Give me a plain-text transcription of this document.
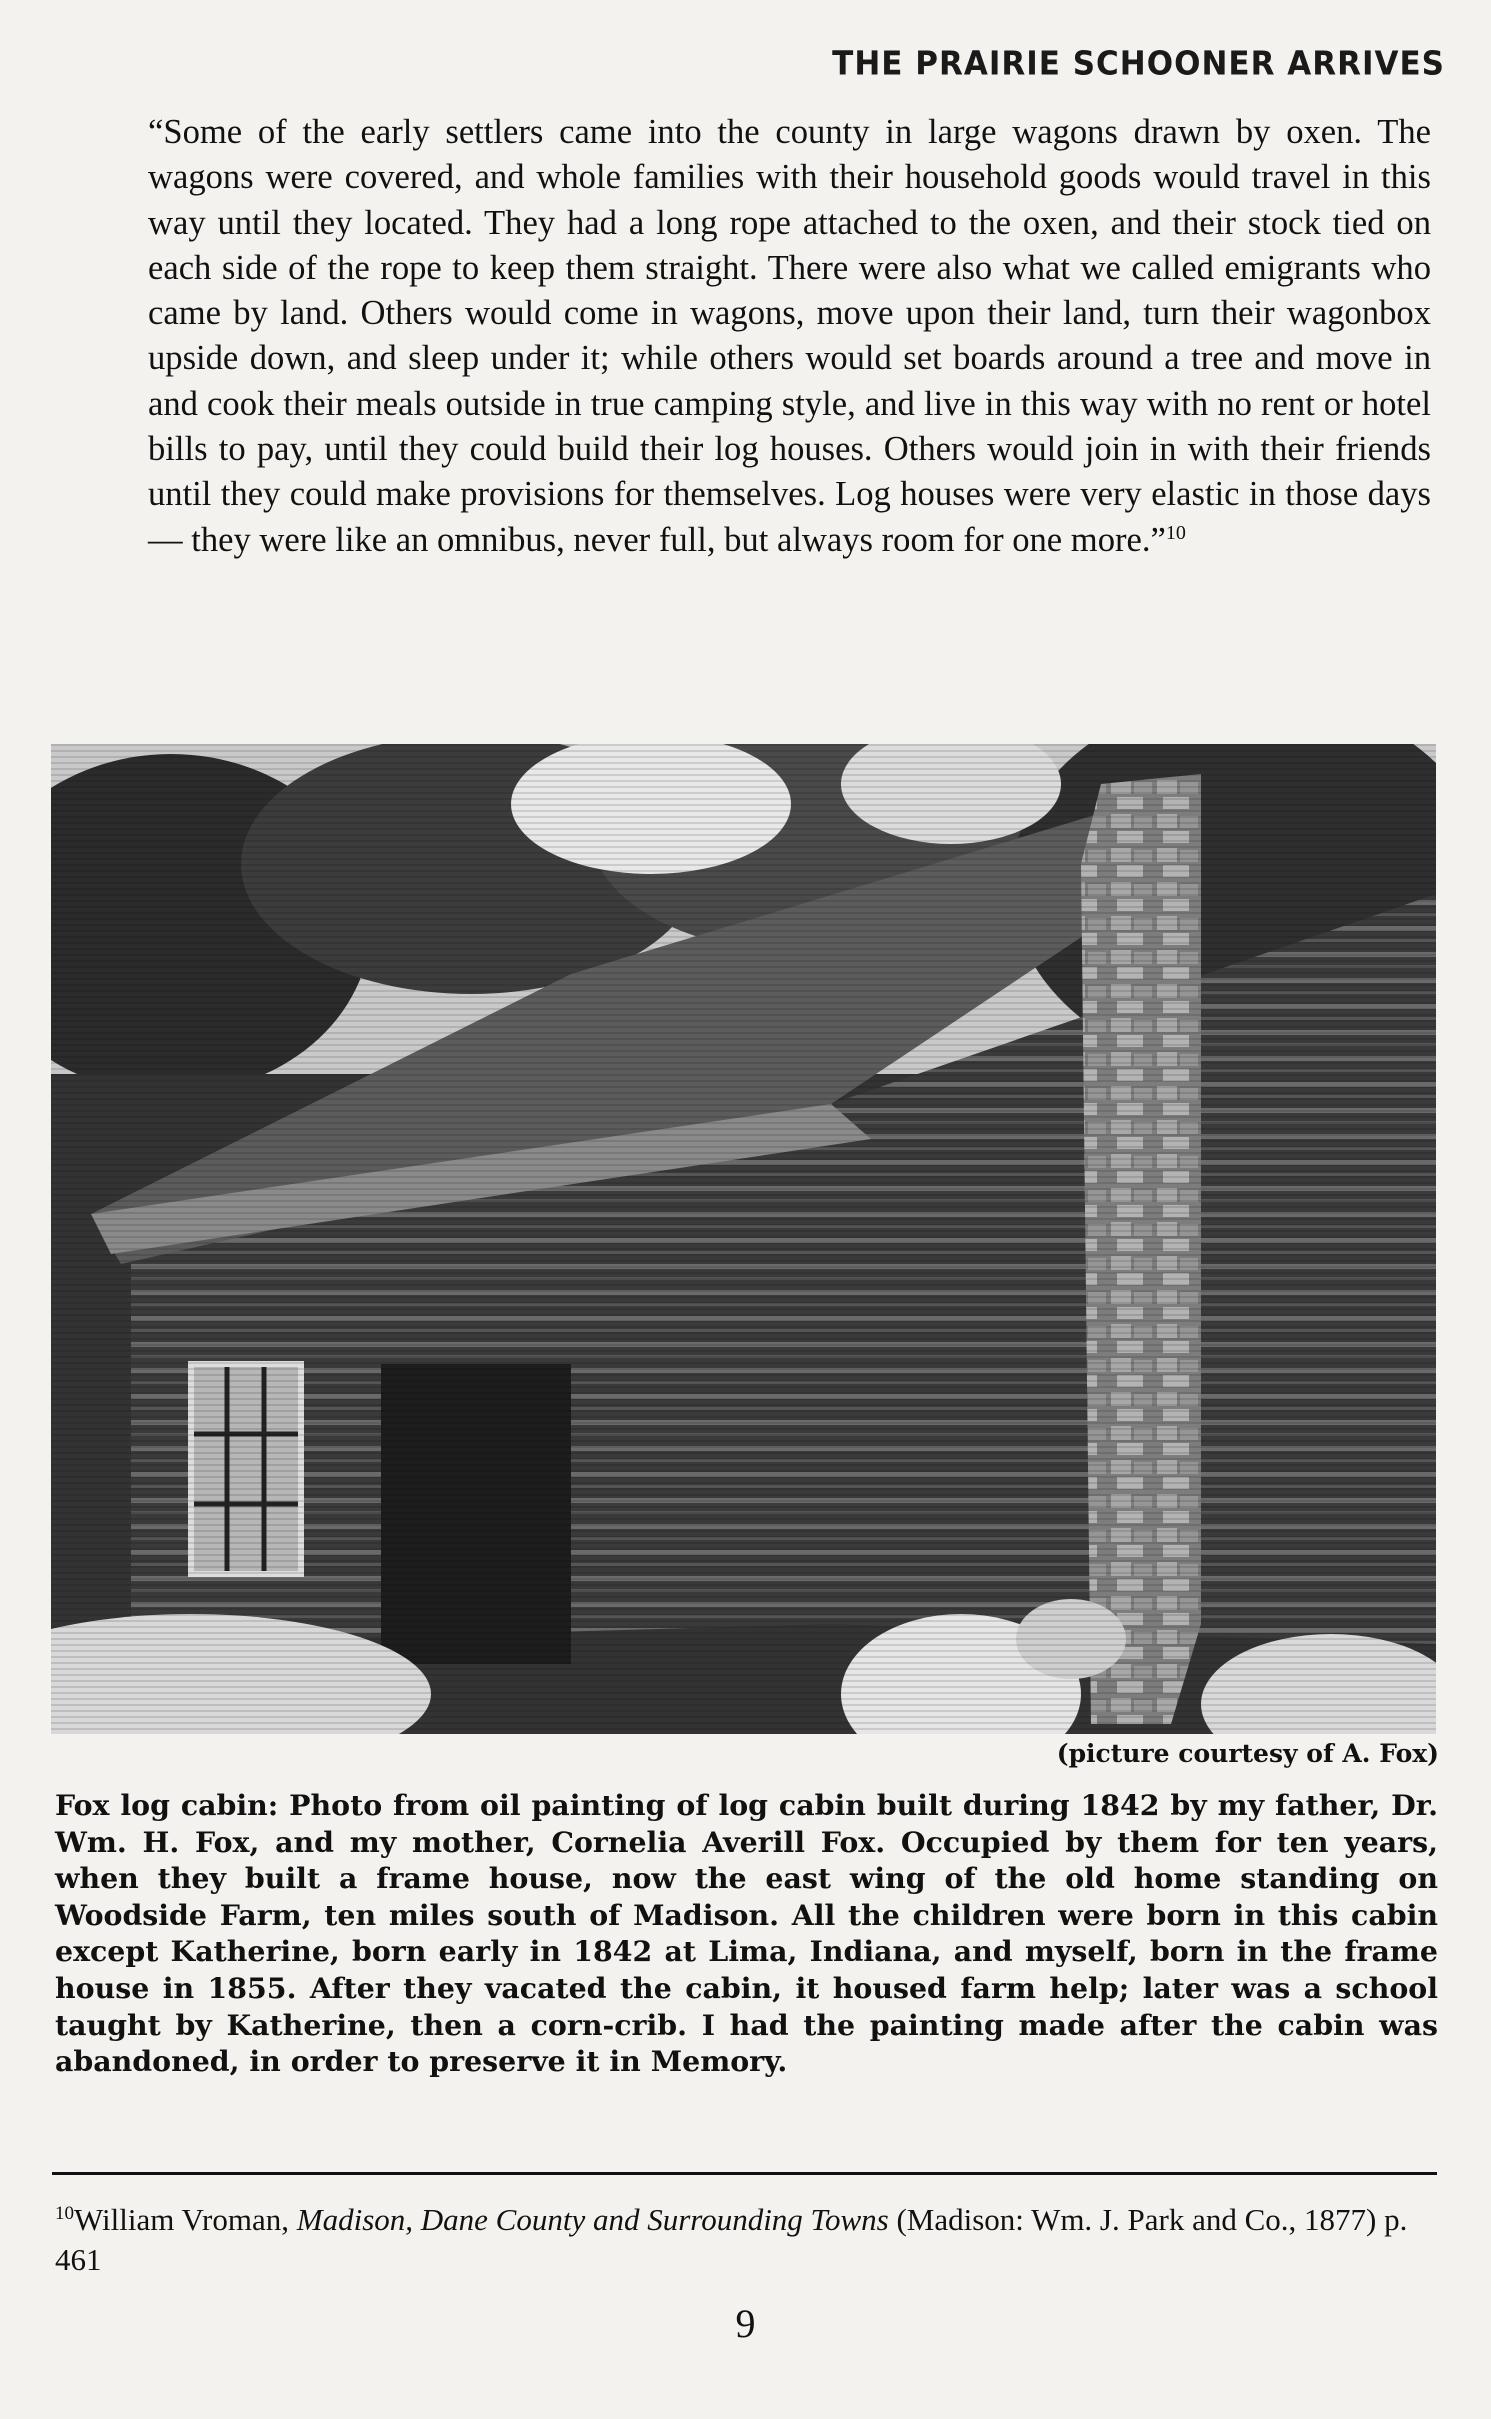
THE PRAIRIE SCHOONER ARRIVES

“Some of the early settlers came into the county in large wagons drawn by oxen. The wagons were covered, and whole families with their household goods would travel in this way until they located. They had a long rope attached to the oxen, and their stock tied on each side of the rope to keep them straight. There were also what we called emigrants who came by land. Others would come in wagons, move upon their land, turn their wagonbox upside down, and sleep under it; while others would set boards around a tree and move in and cook their meals outside in true camping style, and live in this way with no rent or hotel bills to pay, until they could build their log houses. Others would join in with their friends until they could make provisions for themselves. Log houses were very elastic in those days — they were like an omnibus, never full, but always room for one more.”$^{10}$

(picture courtesy of A. Fox)

Fox log cabin: Photo from oil painting of log cabin built during 1842 by my father, Dr. Wm. H. Fox, and my mother, Cornelia Averill Fox. Occupied by them for ten years, when they built a frame house, now the east wing of the old home standing on Woodside Farm, ten miles south of Madison. All the children were born in this cabin except Katherine, born early in 1842 at Lima, Indiana, and myself, born in the frame house in 1855. After they vacated the cabin, it housed farm help; later was a school taught by Katherine, then a corn-crib. I had the painting made after the cabin was abandoned, in order to preserve it in Memory.

$^{10}$William Vroman, Madison, Dane County and Surrounding Towns (Madison: Wm. J. Park and Co., 1877) p. 461

9
